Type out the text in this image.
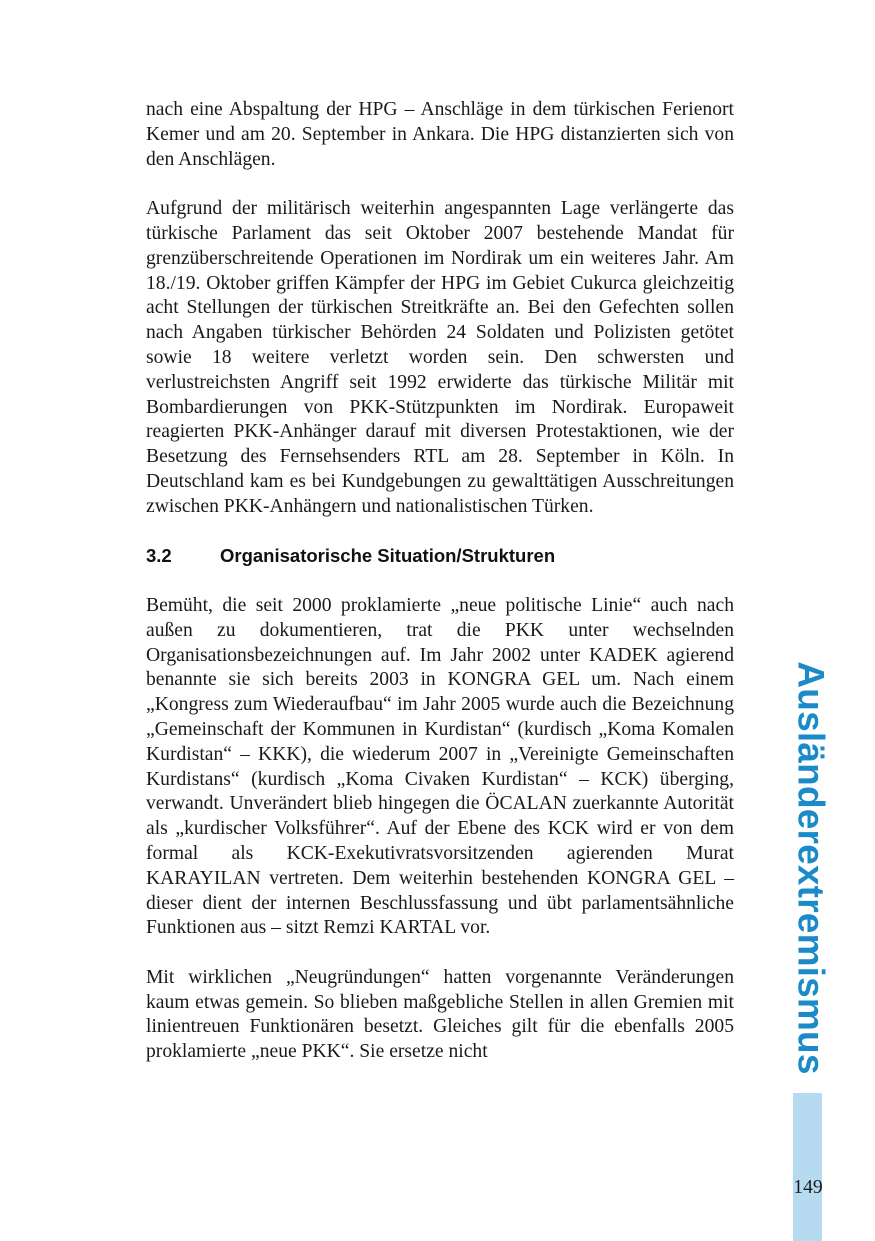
nach eine Abspaltung der HPG – Anschläge in dem türkischen Ferienort Kemer und am 20. September in Ankara. Die HPG distanzierten sich von den Anschlägen.

Aufgrund der militärisch weiterhin angespannten Lage verlängerte das türkische Parlament das seit Oktober 2007 bestehende Mandat für grenzüberschreitende Operationen im Nordirak um ein weiteres Jahr. Am 18./19. Oktober griffen Kämpfer der HPG im Gebiet Cukurca gleichzeitig acht Stellungen der türkischen Streitkräfte an. Bei den Gefechten sollen nach Angaben türkischer Behörden 24 Soldaten und Polizisten getötet sowie 18 weitere verletzt worden sein. Den schwersten und verlustreichsten Angriff seit 1992 erwiderte das türkische Militär mit Bombardierungen von PKK-Stützpunkten im Nordirak. Europaweit reagierten PKK-Anhänger darauf mit diversen Protestaktionen, wie der Besetzung des Fernsehsenders RTL am 28. September in Köln. In Deutschland kam es bei Kundgebungen zu gewalttätigen Ausschreitungen zwischen PKK-Anhängern und nationalistischen Türken.

3.2	Organisatorische Situation/Strukturen

Bemüht, die seit 2000 proklamierte „neue politische Linie“ auch nach außen zu dokumentieren, trat die PKK unter wechselnden Organisationsbezeichnungen auf. Im Jahr 2002 unter KADEK agierend benannte sie sich bereits 2003 in KONGRA GEL um. Nach einem „Kongress zum Wiederaufbau“ im Jahr 2005 wurde auch die Bezeichnung „Gemeinschaft der Kommunen in Kurdistan“ (kurdisch „Koma Komalen Kurdistan“ – KKK), die wiederum 2007 in „Vereinigte Gemeinschaften Kurdistans“ (kurdisch „Koma Civaken Kurdistan“ – KCK) überging, verwandt. Unverändert blieb hingegen die ÖCALAN zuerkannte Autorität als „kurdischer Volksführer“. Auf der Ebene des KCK wird er von dem formal als KCK-Exekutivratsvorsitzenden agierenden Murat KARAYILAN vertreten. Dem weiterhin bestehenden KONGRA GEL – dieser dient der internen Beschlussfassung und übt parlamentsähnliche Funktionen aus – sitzt Remzi KARTAL vor.

Mit wirklichen „Neugründungen“ hatten vorgenannte Veränderungen kaum etwas gemein. So blieben maßgebliche Stellen in allen Gremien mit linientreuen Funktionären besetzt. Gleiches gilt für die ebenfalls 2005 proklamierte „neue PKK“. Sie ersetze nicht	Ausländerextremismus
149
